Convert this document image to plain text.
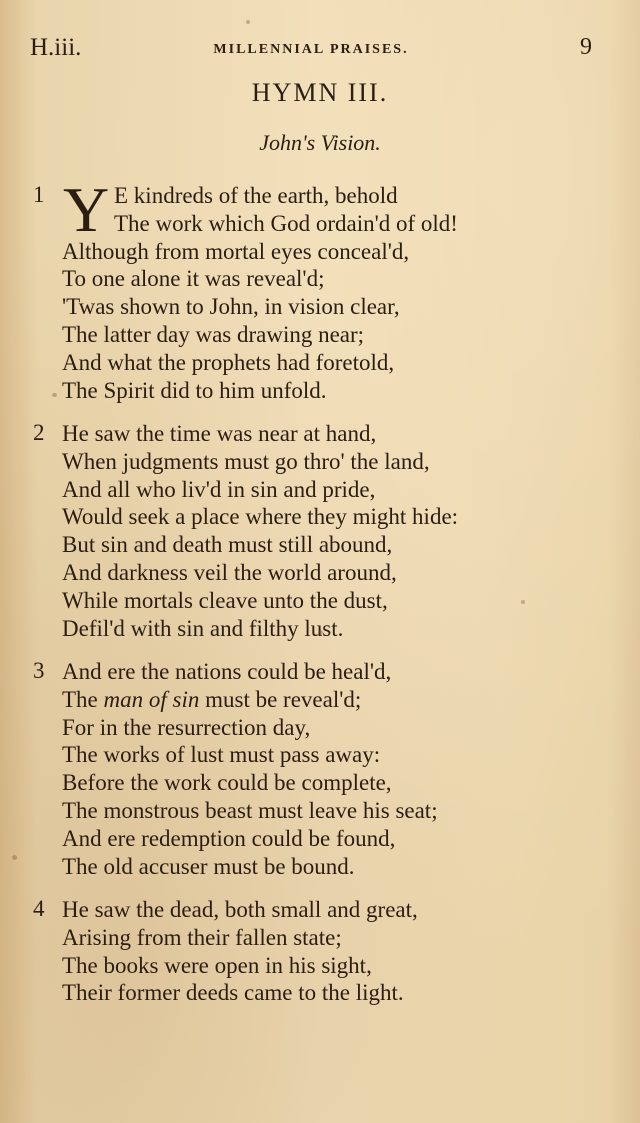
H.iii.	MILLENNIAL PRAISES.	9
HYMN III.
John's Vision.
1 Y E kindreds of the earth, behold
The work which God ordain'd of old!
Although from mortal eyes conceal'd,
To one alone it was reveal'd;
'Twas shown to John, in vision clear,
The latter day was drawing near;
And what the prophets had foretold,
The Spirit did to him unfold.
2 He saw the time was near at hand,
When judgments must go thro' the land,
And all who liv'd in sin and pride,
Would seek a place where they might hide:
But sin and death must still abound,
And darkness veil the world around,
While mortals cleave unto the dust,
Defil'd with sin and filthy lust.
3 And ere the nations could be heal'd,
The man of sin must be reveal'd;
For in the resurrection day,
The works of lust must pass away:
Before the work could be complete,
The monstrous beast must leave his seat;
And ere redemption could be found,
The old accuser must be bound.
4 He saw the dead, both small and great,
Arising from their fallen state;
The books were open in his sight,
Their former deeds came to the light.
